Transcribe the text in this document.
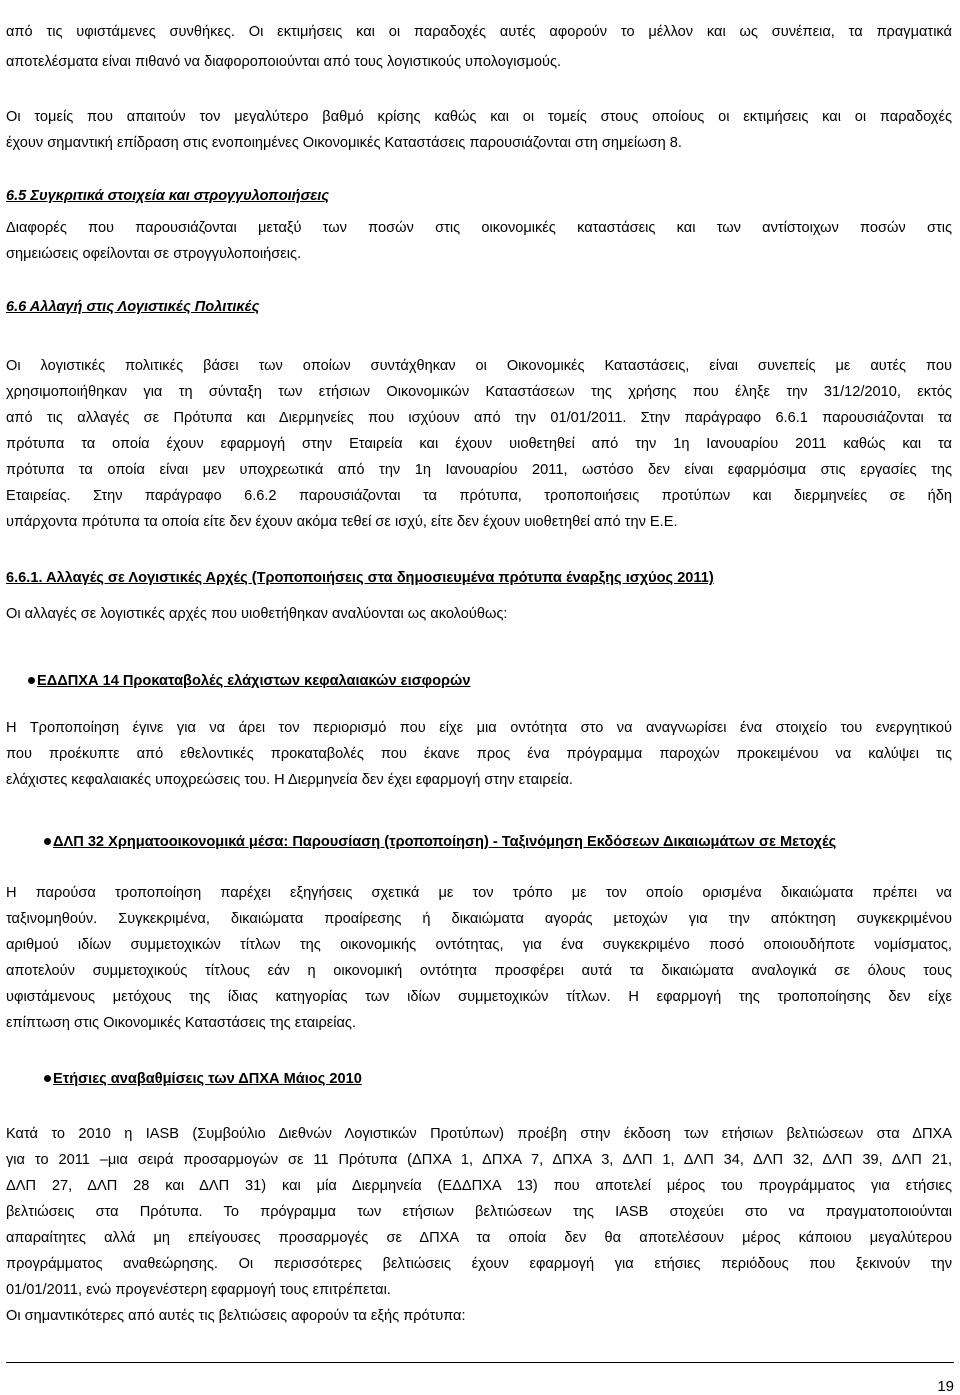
από τις υφιστάμενες συνθήκες. Οι εκτιμήσεις και οι παραδοχές αυτές αφορούν το μέλλον και ως συνέπεια, τα πραγματικά
αποτελέσματα είναι πιθανό να διαφοροποιούνται από τους λογιστικούς υπολογισμούς.
Οι τομείς που απαιτούν τον μεγαλύτερο βαθμό κρίσης καθώς και οι τομείς στους οποίους οι εκτιμήσεις και οι παραδοχές
έχουν σημαντική επίδραση στις ενοποιημένες Οικονομικές Καταστάσεις παρουσιάζονται στη σημείωση 8.
6.5 Συγκριτικά στοιχεία και στρογγυλοποιήσεις
Διαφορές που παρουσιάζονται μεταξύ των ποσών στις οικονομικές καταστάσεις και των αντίστοιχων ποσών στις
σημειώσεις οφείλονται σε στρογγυλοποιήσεις.
6.6 Αλλαγή στις Λογιστικές Πολιτικές
Οι λογιστικές πολιτικές βάσει των οποίων συντάχθηκαν οι Οικονομικές Καταστάσεις, είναι συνεπείς με αυτές που
χρησιμοποιήθηκαν για τη σύνταξη των ετήσιων Οικονομικών Καταστάσεων της χρήσης που έληξε την 31/12/2010, εκτός
από τις αλλαγές σε Πρότυπα και Διερμηνείες που ισχύουν από την 01/01/2011. Στην παράγραφο 6.6.1 παρουσιάζονται τα
πρότυπα τα οποία έχουν εφαρμογή στην Εταιρεία και έχουν υιοθετηθεί από την 1η Ιανουαρίου 2011 καθώς και τα
πρότυπα τα οποία είναι μεν υποχρεωτικά από την 1η Ιανουαρίου 2011, ωστόσο δεν είναι εφαρμόσιμα στις εργασίες της
Εταιρείας. Στην παράγραφο 6.6.2 παρουσιάζονται τα πρότυπα, τροποποιήσεις προτύπων και διερμηνείες σε ήδη
υπάρχοντα πρότυπα τα οποία είτε δεν έχουν ακόμα τεθεί σε ισχύ, είτε δεν έχουν υιοθετηθεί από την Ε.Ε.
6.6.1. Αλλαγές σε Λογιστικές Αρχές (Τροποποιήσεις στα δημοσιευμένα πρότυπα έναρξης ισχύος 2011)
Οι αλλαγές σε λογιστικές αρχές που υιοθετήθηκαν αναλύονται ως ακολούθως:
ΕΔΔΠΧΑ 14 Προκαταβολές ελάχιστων κεφαλαιακών εισφορών
Η Τροποποίηση έγινε για να άρει τον περιορισμό που είχε μια οντότητα στο να αναγνωρίσει ένα στοιχείο του ενεργητικού
που προέκυπτε από εθελοντικές προκαταβολές που έκανε προς ένα πρόγραμμα παροχών προκειμένου να καλύψει τις
ελάχιστες κεφαλαιακές υποχρεώσεις του. Η Διερμηνεία δεν έχει εφαρμογή στην εταιρεία.
ΔΛΠ 32 Χρηματοοικονομικά μέσα: Παρουσίαση (τροποποίηση) - Ταξινόμηση Εκδόσεων Δικαιωμάτων σε Μετοχές
Η παρούσα τροποποίηση παρέχει εξηγήσεις σχετικά με τον τρόπο με τον οποίο ορισμένα δικαιώματα πρέπει να
ταξινομηθούν. Συγκεκριμένα, δικαιώματα προαίρεσης ή δικαιώματα αγοράς μετοχών για την απόκτηση συγκεκριμένου
αριθμού ιδίων συμμετοχικών τίτλων της οικονομικής οντότητας, για ένα συγκεκριμένο ποσό οποιουδήποτε νομίσματος,
αποτελούν συμμετοχικούς τίτλους εάν η οικονομική οντότητα προσφέρει αυτά τα δικαιώματα αναλογικά σε όλους τους
υφιστάμενους μετόχους της ίδιας κατηγορίας των ιδίων συμμετοχικών τίτλων. Η εφαρμογή της τροποποίησης δεν είχε
επίπτωση στις Οικονομικές Καταστάσεις της εταιρείας.
Ετήσιες αναβαθμίσεις των ΔΠΧΑ Μάιος 2010
Κατά το 2010 η IASB (Συμβούλιο Διεθνών Λογιστικών Προτύπων) προέβη στην έκδοση των ετήσιων βελτιώσεων στα ΔΠΧΑ
για το 2011 –μια σειρά προσαρμογών σε 11 Πρότυπα (ΔΠΧΑ 1, ΔΠΧΑ 7, ΔΠΧΑ 3, ΔΛΠ 1, ΔΛΠ 34, ΔΛΠ 32, ΔΛΠ 39, ΔΛΠ 21,
ΔΛΠ 27, ΔΛΠ 28 και ΔΛΠ 31) και μία Διερμηνεία (ΕΔΔΠΧΑ 13) που αποτελεί μέρος του προγράμματος για ετήσιες
βελτιώσεις στα Πρότυπα. Το πρόγραμμα των ετήσιων βελτιώσεων της IASB στοχεύει στο να πραγματοποιούνται
απαραίτητες αλλά μη επείγουσες προσαρμογές σε ΔΠΧΑ τα οποία δεν θα αποτελέσουν μέρος κάποιου μεγαλύτερου
προγράμματος αναθεώρησης. Οι περισσότερες βελτιώσεις έχουν εφαρμογή για ετήσιες περιόδους που ξεκινούν την
01/01/2011, ενώ προγενέστερη εφαρμογή τους επιτρέπεται.
Οι σημαντικότερες από αυτές τις βελτιώσεις αφορούν τα εξής πρότυπα:
19
